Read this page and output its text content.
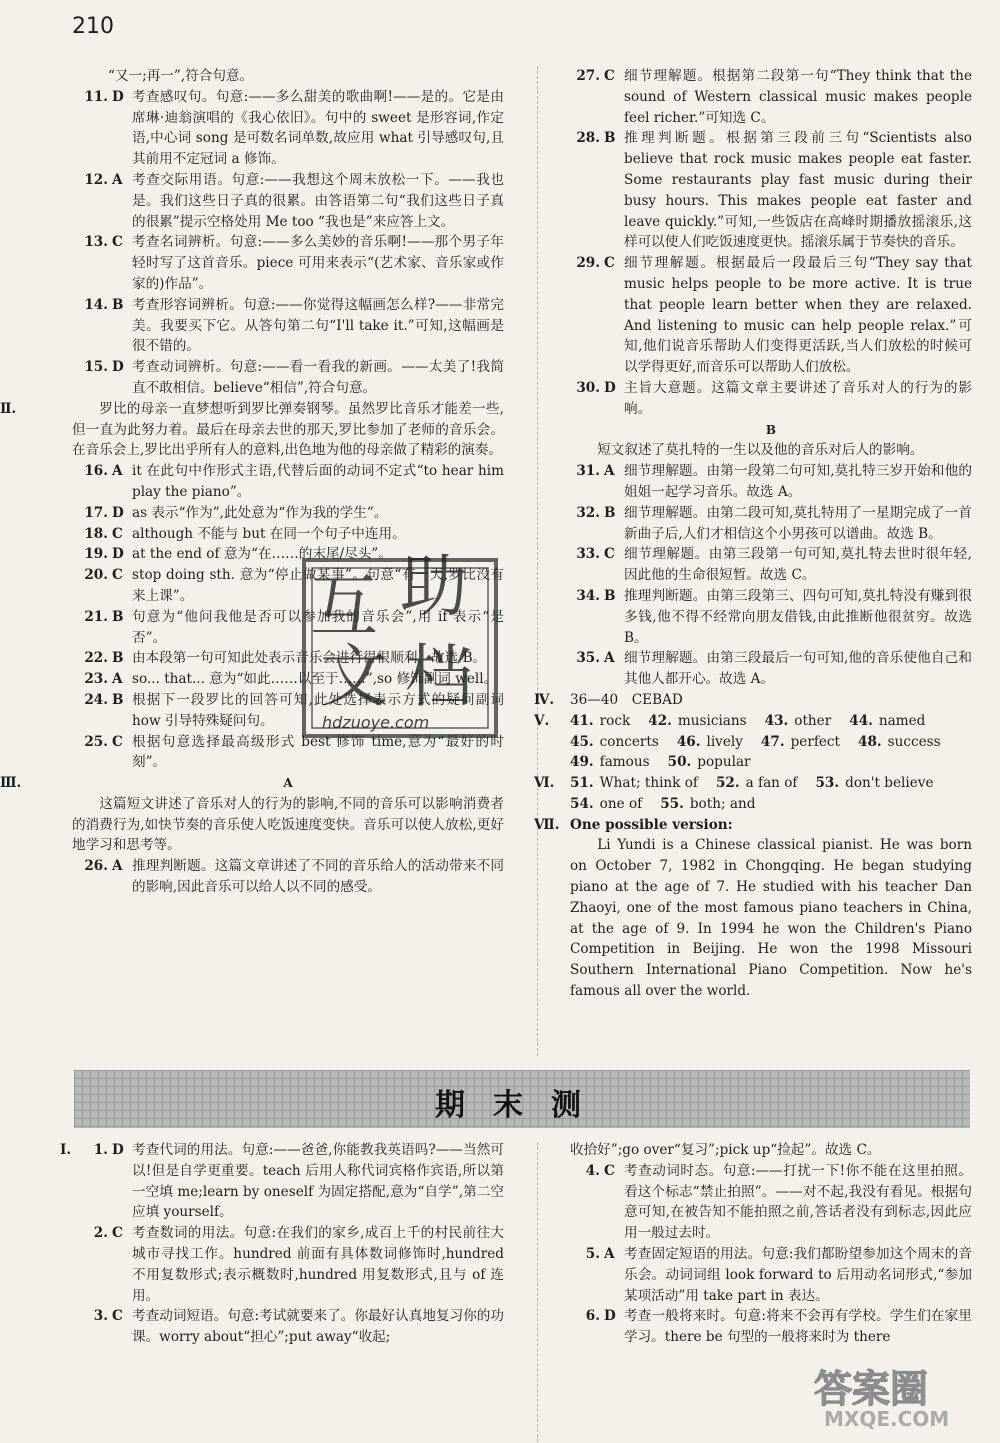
210
“又一;再一”,符合句意。
11. D 考查感叹句。句意:——多么甜美的歌曲啊!——是的。它是由席琳·迪翁演唱的《我心依旧》。句中的 sweet 是形容词,作定语,中心词 song 是可数名词单数,故应用 what 引导感叹句,且其前用不定冠词 a 修饰。
12. A 考查交际用语。句意:——我想这个周末放松一下。——我也是。我们这些日子真的很累。由答语第二句“我们这些日子真的很累”提示空格处用 Me too “我也是”来应答上文。
13. C 考查名词辨析。句意:——多么美妙的音乐啊!——那个男子年轻时写了这首音乐。piece 可用来表示“(艺术家、音乐家或作家的)作品”。
14. B 考查形容词辨析。句意:——你觉得这幅画怎么样?——非常完美。我要买下它。从答句第二句“I'll take it.”可知,这幅画是很不错的。
15. D 考查动词辨析。句意:——看一看我的新画。——太美了!我简直不敢相信。believe“相信”,符合句意。
Ⅱ.	罗比的母亲一直梦想听到罗比弹奏钢琴。虽然罗比音乐才能差一些,但一直为此努力着。最后在母亲去世的那天,罗比参加了老师的音乐会。在音乐会上,罗比出乎所有人的意料,出色地为他的母亲做了精彩的演奏。
16. A it 在此句中作形式主语,代替后面的动词不定式“to hear him play the piano”。
17. D as 表示“作为”,此处意为“作为我的学生”。
18. C although 不能与 but 在同一个句子中连用。
19. D at the end of 意为“在……的末尾/尽头”。
20. C stop doing sth. 意为“停止做某事”。句意“有一天,罗比没有来上课”。
21. B 句意为“他问我他是否可以参加我的音乐会”,用 if 表示“是否”。
22. B 由本段第一句可知此处表示音乐会进行得很顺利。故选 B。
23. A so... that... 意为“如此……以至于……”,so 修饰副词 well。
24. B 根据下一段罗比的回答可知,此处选择表示方式的疑问副词 how 引导特殊疑问句。
25. C 根据句意选择最高级形式 best 修饰 time,意为“最好的时刻”。
Ⅲ.	A
这篇短文讲述了音乐对人的行为的影响,不同的音乐可以影响消费者的消费行为,如快节奏的音乐使人吃饭速度变快。音乐可以使人放松,更好地学习和思考等。
26. A 推理判断题。这篇文章讲述了不同的音乐给人的活动带来不同的影响,因此音乐可以给人以不同的感受。
27. C 细节理解题。根据第二段第一句“They think that the sound of Western classical music makes people feel richer.”可知选 C。
28. B 推理判断题。根据第三段前三句“Scientists also believe that rock music makes people eat faster. Some restaurants play fast music during their busy hours. This makes people eat faster and leave quickly.”可知,一些饭店在高峰时期播放摇滚乐,这样可以使人们吃饭速度更快。摇滚乐属于节奏快的音乐。
29. C 细节理解题。根据最后一段最后三句“They say that music helps people to be more active. It is true that people learn better when they are relaxed. And listening to music can help people relax.”可知,他们说音乐帮助人们变得更活跃,当人们放松的时候可以学得更好,而音乐可以帮助人们放松。
30. D 主旨大意题。这篇文章主要讲述了音乐对人的行为的影响。
B
短文叙述了莫扎特的一生以及他的音乐对后人的影响。
31. A 细节理解题。由第一段第二句可知,莫扎特三岁开始和他的姐姐一起学习音乐。故选 A。
32. B 细节理解题。由第二段可知,莫扎特用了一星期完成了一首新曲子后,人们才相信这个小男孩可以谱曲。故选 B。
33. C 细节理解题。由第三段第一句可知,莫扎特去世时很年轻,因此他的生命很短暂。故选 C。
34. B 推理判断题。由第三段第三、四句可知,莫扎特没有赚到很多钱,他不得不经常向朋友借钱,由此推断他很贫穷。故选 B。
35. A 细节理解题。由第三段最后一句可知,他的音乐使他自己和其他人都开心。故选 A。
Ⅳ.	36—40　CEBAD
Ⅴ.	41. rock 42. musicians 43. other 44. named
45. concerts 46. lively 47. perfect 48. success
49. famous 50. popular
Ⅵ.	51. What; think of 52. a fan of 53. don't believe
54. one of 55. both; and
Ⅶ. One possible version:
Li Yundi is a Chinese classical pianist. He was born on October 7, 1982 in Chongqing. He began studying piano at the age of 7. He studied with his teacher Dan Zhaoyi, one of the most famous piano teachers in China, at the age of 9. In 1994 he won the Children's Piano Competition in Beijing. He won the 1998 Missouri Southern International Piano Competition. Now he's famous all over the world.
期末测
Ⅰ.	1. D 考查代词的用法。句意:——爸爸,你能教我英语吗?——当然可以!但是自学更重要。teach 后用人称代词宾格作宾语,所以第一空填 me;learn by oneself 为固定搭配,意为“自学”,第二空应填 yourself。
2. C 考查数词的用法。句意:在我们的家乡,成百上千的村民前往大城市寻找工作。hundred 前面有具体数词修饰时,hundred 不用复数形式;表示概数时,hundred 用复数形式,且与 of 连用。
3. C 考查动词短语。句意:考试就要来了。你最好认真地复习你的功课。worry about“担心”;put away“收起;
收拾好”;go over“复习”;pick up“捡起”。故选 C。
4. C 考查动词时态。句意:——打扰一下!你不能在这里拍照。看这个标志“禁止拍照”。——对不起,我没有看见。根据句意可知,在被告知不能拍照之前,答话者没有到标志,因此应用一般过去时。
5. A 考查固定短语的用法。句意:我们都盼望参加这个周末的音乐会。动词词组 look forward to 后用动名词形式,“参加某项活动”用 take part in 表达。
6. D 考查一般将来时。句意:将来不会再有学校。学生们在家里学习。there be 句型的一般将来时为 there
互 助
文 档
hdzuoye.com
答案圈
MXQE.COM
